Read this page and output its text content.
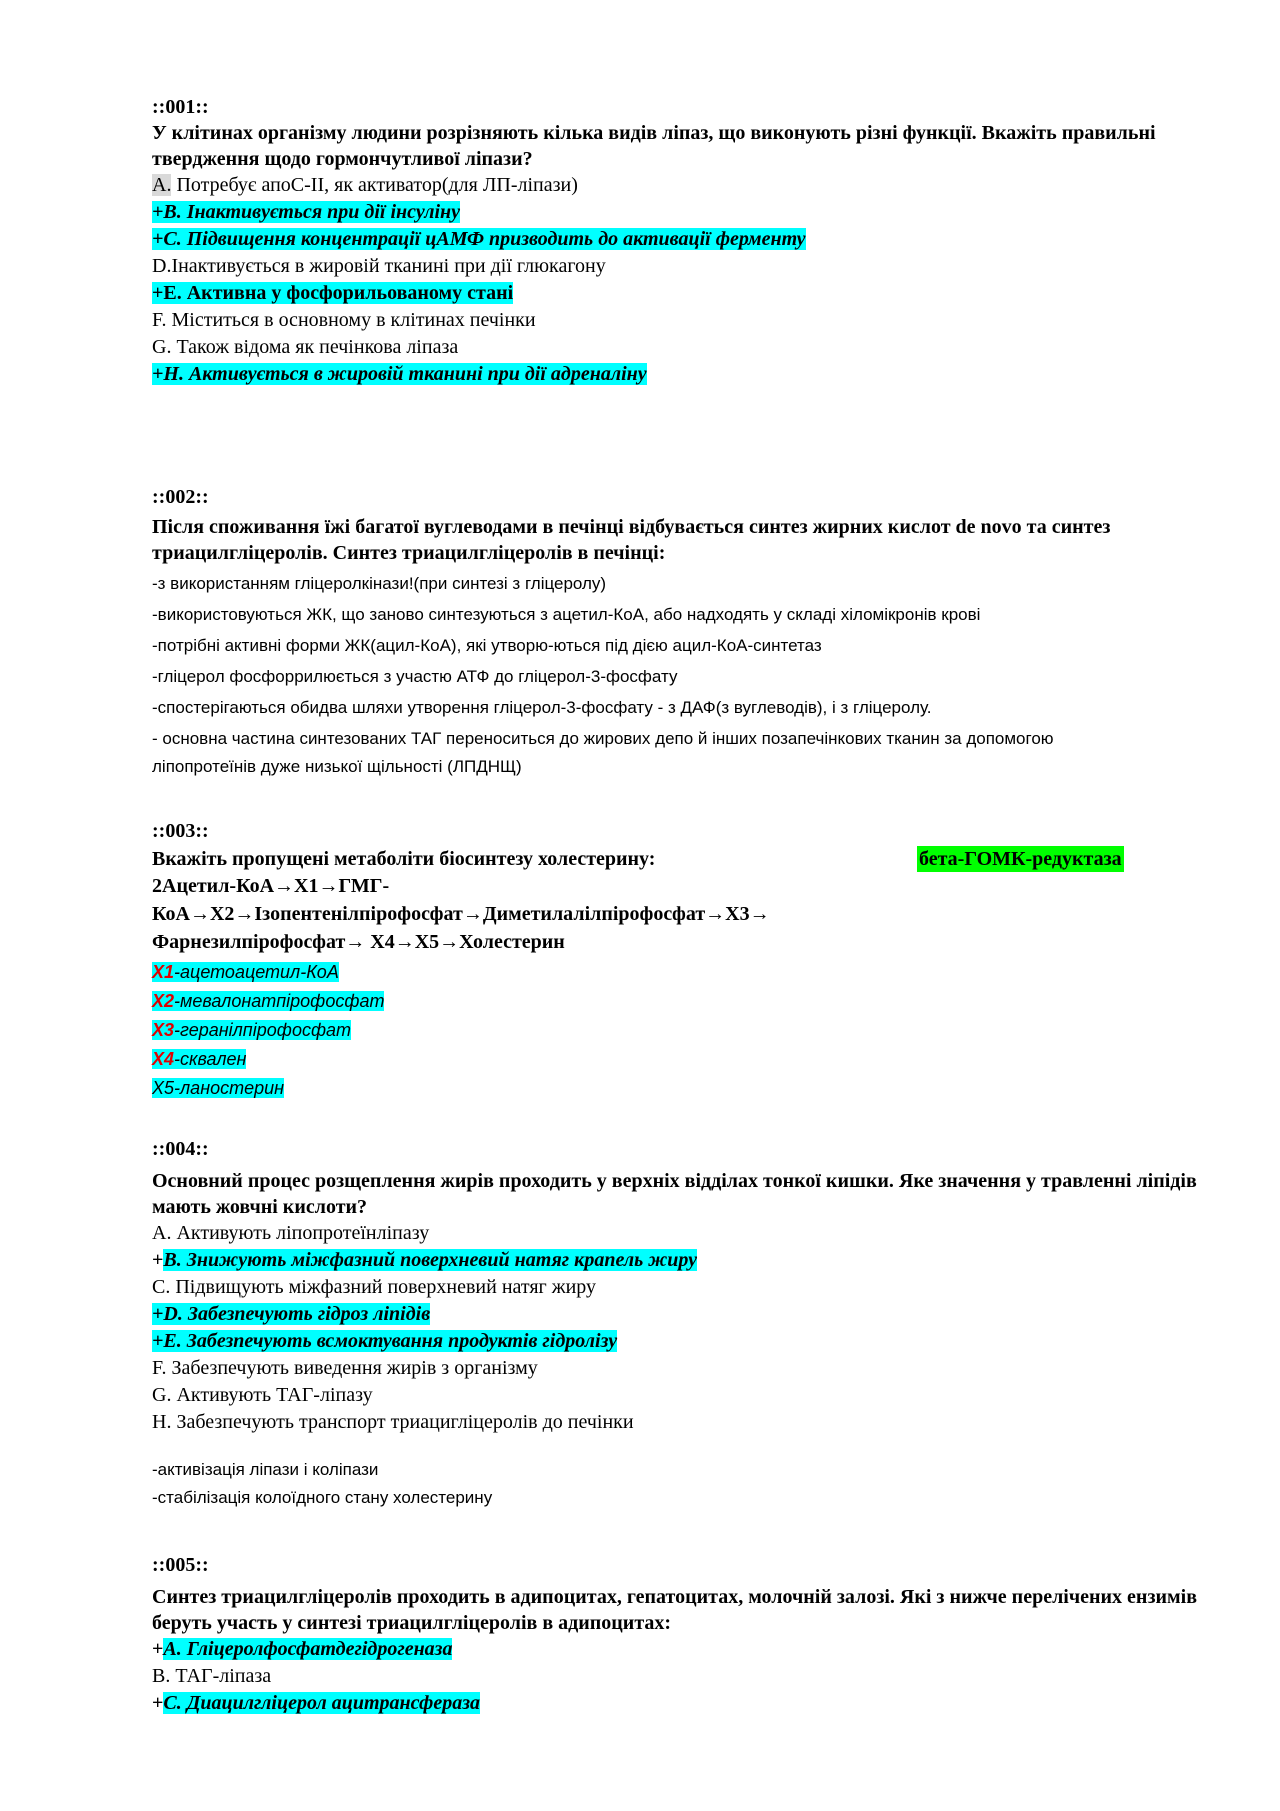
::001::

У клітинах організму людини розрізняють кілька видів ліпаз, що виконують різні функції. Вкажіть правильні твердження щодо гормончутливої ліпази?

A. Потребує апоС-II, як активатор(для ЛП-ліпази)

+B. Інактивується при дії інсуліну

+C. Підвищення концентрації цАМФ призводить до активації ферменту

D.Інактивується в жировій тканині при дії глюкагону

+E. Активна у фосфорильованому стані

F. Міститься в основному в клітинах печінки

G. Також відома як печінкова ліпаза

+H. Активується в жировій тканині при дії адреналіну

::002::

Після споживання їжі багатої вуглеводами в печінці відбувається синтез жирних кислот de novo та синтез триацилгліцеролів. Синтез триацилгліцеролів в печінці:

-з використанням гліцеролкінази!(при синтезі з гліцеролу)

-використовуються ЖК, що заново синтезуються з ацетил-КоА, або надходять у складі хіломікронів крові

-потрібні активні форми ЖК(ацил-КоА), які утворю-ються під дією ацил-КоА-синтетаз

-гліцерол фосфоррилюється з участю АТФ до гліцерол-3-фосфату

-спостерігаються обидва шляхи утворення гліцерол-3-фосфату - з ДАФ(з вуглеводів), і з гліцеролу.

- основна частина синтезованих ТАГ переноситься до жирових депо й інших позапечінкових тканин за допомогою ліпопротеїнів дуже низької щільності (ЛПДНЩ)

::003::

Вкажіть пропущені метаболіти біосинтезу холестерину:	бета-ГОМК-редуктаза

2Ацетил-КоА→Х1→ГМГ-

КоА→Х2→Ізопентенілпірофосфат→Диметилалілпірофосфат→Х3→

Фарнезилпірофосфат→ Х4→Х5→Холестерин

X1-ацетоацетил-КоА

X2-мевалонатпірофосфат

X3-геранілпірофосфат

X4-сквален

X5-ланостерин

::004::

Основний процес розщеплення жирів проходить у верхніх відділах тонкої кишки. Яке значення у травленні ліпідів мають жовчні кислоти?

A. Активують ліпопротеїнліпазу

+B. Знижують міжфазний поверхневий натяг крапель жиру

C. Підвищують міжфазний поверхневий натяг жиру

+D. Забезпечують гідроз ліпідів

+E. Забезпечують всмоктування продуктів гідролізу

F. Забезпечують виведення жирів з організму

G. Активують ТАГ-ліпазу

H. Забезпечують транспорт триацигліцеролів до печінки

-активізація ліпази і коліпази

-стабілізація колоїдного стану холестерину

::005::

Синтез триацилгліцеролів проходить в адипоцитах, гепатоцитах, молочній залозі. Які з нижче перелічених ензимів беруть участь у синтезі триацилгліцеролів в адипоцитах:

+A. Гліцеролфосфатдегідрогеназа

B. ТАГ-ліпаза

+C. Диацилгліцерол ацитрансфераза
